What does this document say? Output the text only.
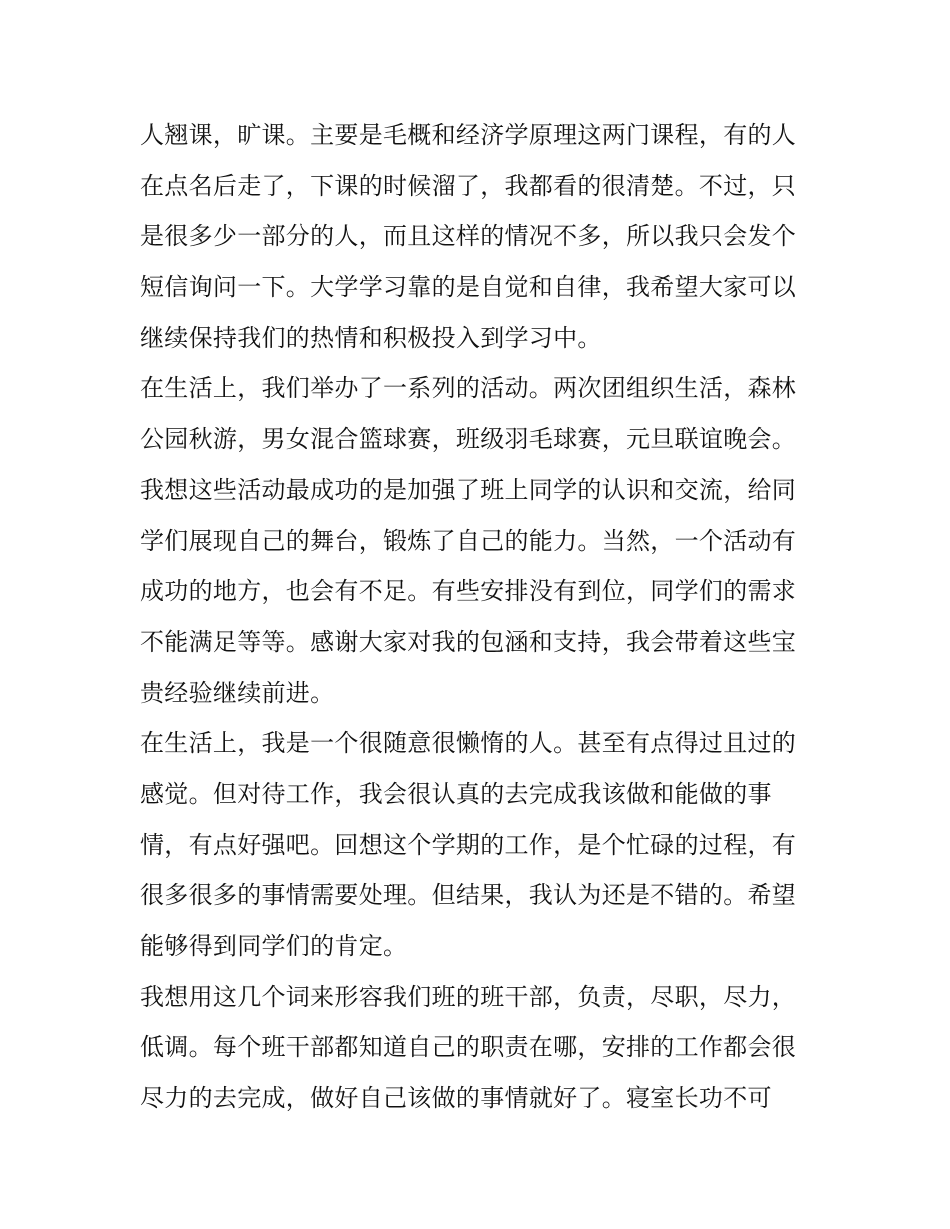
人翘课，旷课。主要是毛概和经济学原理这两门课程，有的人
在点名后走了，下课的时候溜了，我都看的很清楚。不过，只
是很多少一部分的人，而且这样的情况不多，所以我只会发个
短信询问一下。大学学习靠的是自觉和自律，我希望大家可以
继续保持我们的热情和积极投入到学习中。
在生活上，我们举办了一系列的活动。两次团组织生活，森林
公园秋游，男女混合篮球赛，班级羽毛球赛，元旦联谊晚会。
我想这些活动最成功的是加强了班上同学的认识和交流，给同
学们展现自己的舞台，锻炼了自己的能力。当然，一个活动有
成功的地方，也会有不足。有些安排没有到位，同学们的需求
不能满足等等。感谢大家对我的包涵和支持，我会带着这些宝
贵经验继续前进。
在生活上，我是一个很随意很懒惰的人。甚至有点得过且过的
感觉。但对待工作，我会很认真的去完成我该做和能做的事
情，有点好强吧。回想这个学期的工作，是个忙碌的过程，有
很多很多的事情需要处理。但结果，我认为还是不错的。希望
能够得到同学们的肯定。
我想用这几个词来形容我们班的班干部，负责，尽职，尽力，
低调。每个班干部都知道自己的职责在哪，安排的工作都会很
尽力的去完成，做好自己该做的事情就好了。寝室长功不可
